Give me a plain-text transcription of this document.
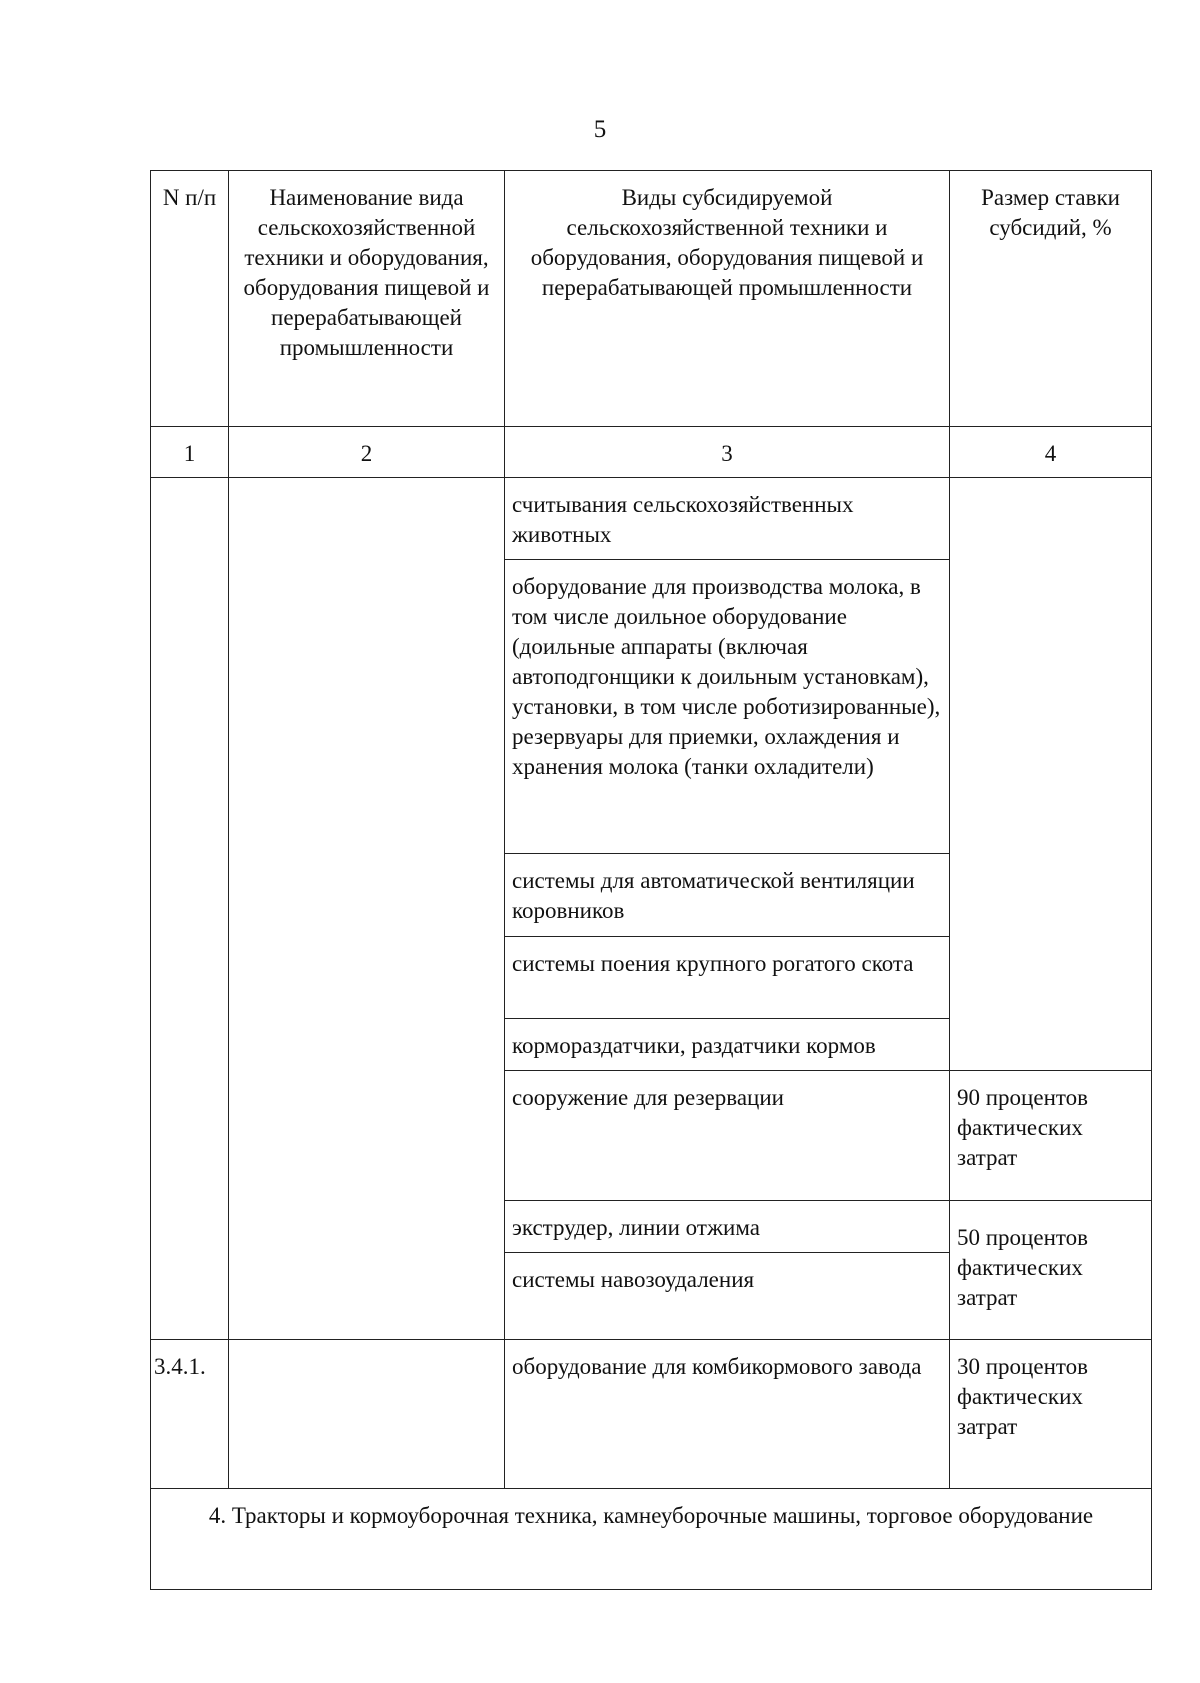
5
N п/п	Наименование вида сельскохозяйственной техники и оборудования, оборудования пищевой и перерабатывающей промышленности	Виды субсидируемой сельскохозяйственной техники и оборудования, оборудования пищевой и перерабатывающей промышленности	Размер ставки субсидий, %
1	2	3	4
		считывания сельскохозяйственных животных	
		оборудование для производства молока, в том числе доильное оборудование (доильные аппараты (включая автоподгонщики к доильным установкам), установки, в том числе роботизированные), резервуары для приемки, охлаждения и хранения молока (танки охладители)	
		системы для автоматической вентиляции коровников	
		системы поения крупного рогатого скота	
		кормораздатчики, раздатчики кормов	
		сооружение для резервации	90 процентов фактических затрат
		экструдер, линии отжима	50 процентов фактических затрат
		системы навозоудаления	
3.4.1.		оборудование для комбикормового завода	30 процентов фактических затрат
4. Тракторы и кормоуборочная техника, камнеуборочные машины, торговое оборудование			
